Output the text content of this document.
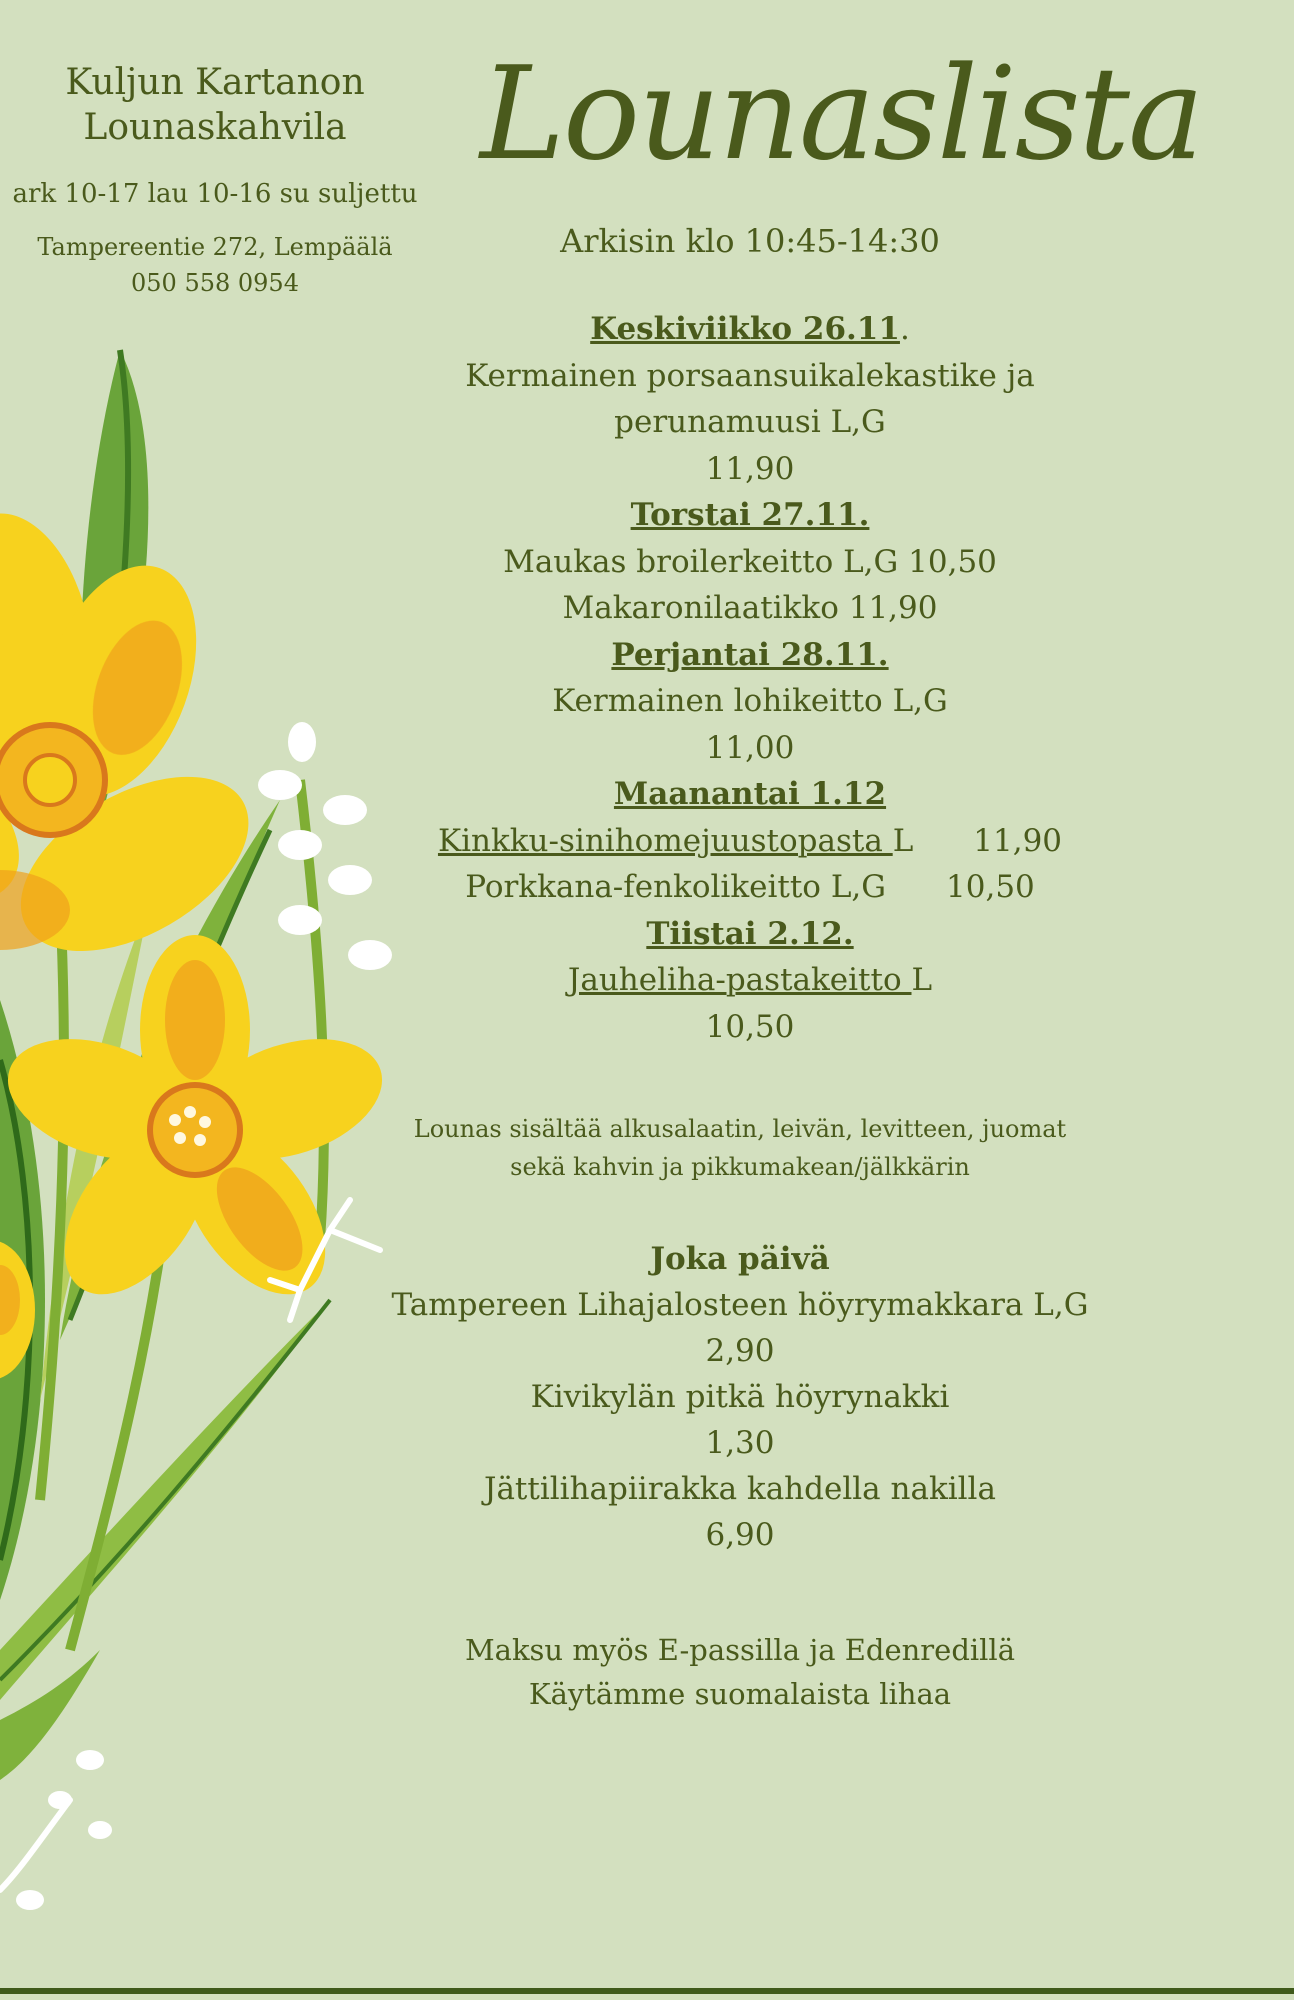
Kuljun Kartanon
Lounaskahvila
ark 10-17 lau 10-16 su suljettu
Tampereentie 272, Lempäälä
050 558 0954
Lounaslista
Arkisin klo 10:45-14:30
Keskiviikko 26.11.
Kermainen porsaansuikalekastike ja
perunamuusi L,G
11,90
Torstai 27.11.
Maukas broilerkeitto L,G 10,50
Makaronilaatikko 11,90
Perjantai 28.11.
Kermainen lohikeitto L,G
11,00
Maanantai 1.12
Kinkku-sinihomejuustopasta L 11,90
Porkkana-fenkolikeitto L,G 10,50
Tiistai 2.12.
Jauheliha-pastakeitto L
10,50
Lounas sisältää alkusalaatin, leivän, levitteen, juomat
sekä kahvin ja pikkumakean/jälkkärin
Joka päivä
Tampereen Lihajalosteen höyrymakkara L,G
2,90
Kivikylän pitkä höyrynakki
1,30
Jättilihapiirakka kahdella nakilla
6,90
Maksu myös E-passilla ja Edenredillä
Käytämme suomalaista lihaa
